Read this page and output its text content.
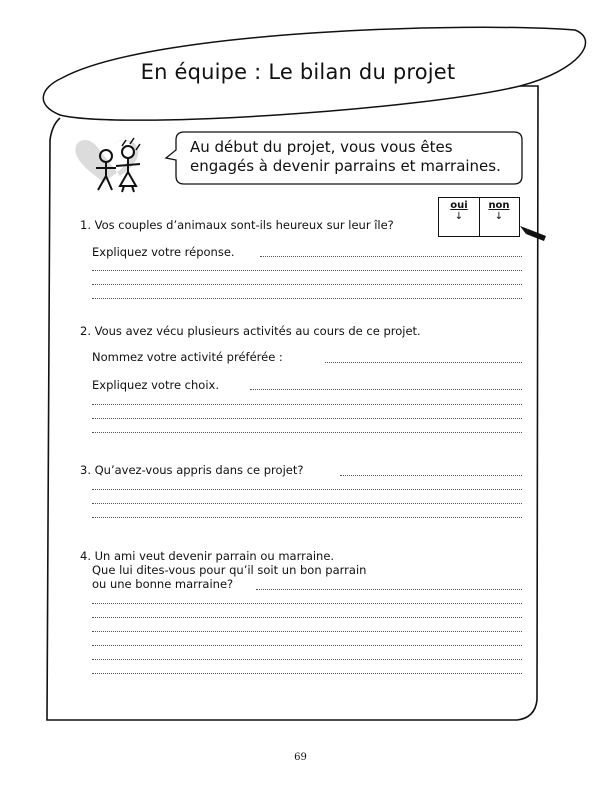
En équipe : Le bilan du projet
Au début du projet, vous vous êtes
engagés à devenir parrains et marraines.
oui	non
↓	↓
1. Vos couples d’animaux sont-ils heureux sur leur île?
Expliquez votre réponse.
2. Vous avez vécu plusieurs activités au cours de ce projet.
Nommez votre activité préférée :
Expliquez votre choix.
3. Qu’avez-vous appris dans ce projet?
4. Un ami veut devenir parrain ou marraine.
Que lui dites-vous pour qu’il soit un bon parrain
ou une bonne marraine?
69
